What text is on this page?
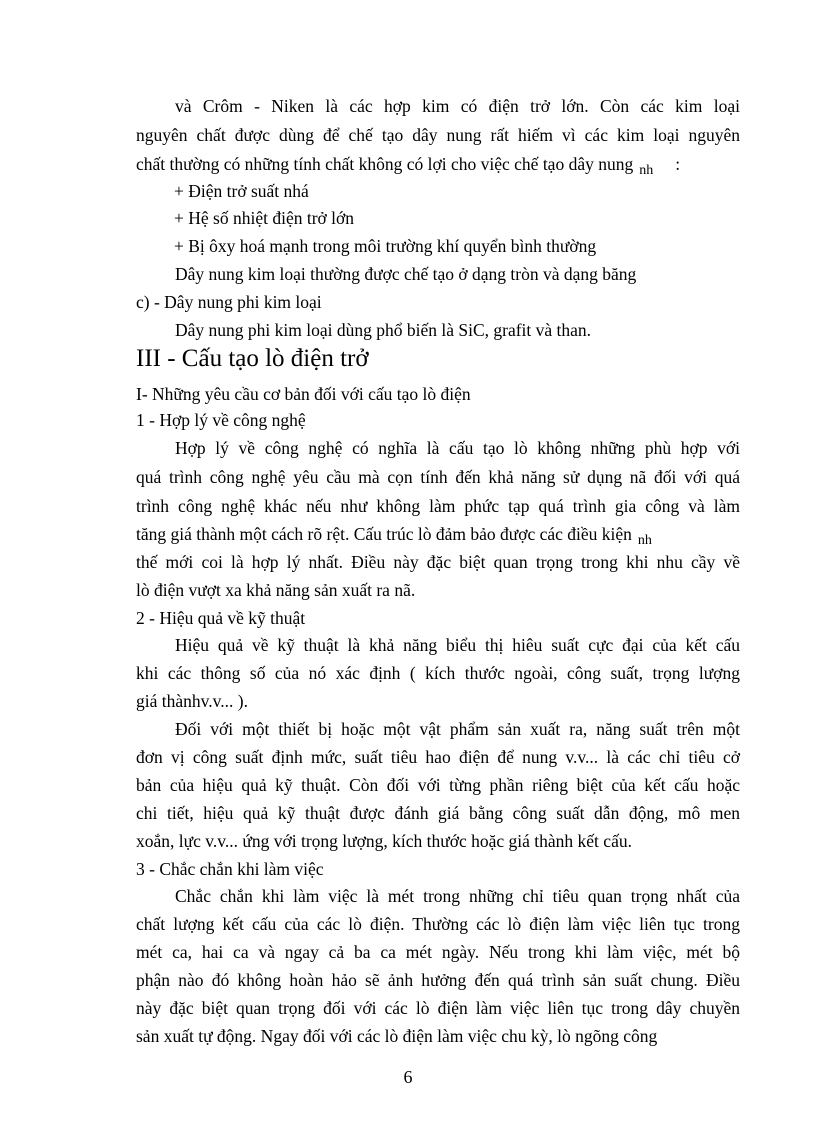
và Crôm - Niken là các hợp kim có điện trở lớn. Còn các kim loại
nguyên chất được dùng để chế tạo dây nung rất hiếm vì các kim loại nguyên
chất thường có những tính chất không có lợi cho việc chế tạo dây nung $_{nh}$ :
+ Điện trở suất nhá
+ Hệ số nhiệt điện trở lớn
+ Bị ôxy hoá mạnh trong môi trường khí quyển bình thường
Dây nung kim loại thường được chế tạo ở dạng tròn và dạng băng
c) - Dây nung phi kim loại
Dây nung phi kim loại dùng phổ biến là SiC, grafit và than.
III - Cấu tạo lò điện trở
I- Những yêu cầu cơ bản đối với cấu tạo lò điện
1 - Hợp lý về công nghệ
Hợp lý về công nghệ có nghĩa là cấu tạo lò không những phù hợp với
quá trình công nghệ yêu cầu mà cọn tính đến khả năng sử dụng nã đối với quá
trình công nghệ khác nếu như không làm phức tạp quá trình gia công và làm
tăng giá thành một cách rõ rệt. Cấu trúc lò đảm bảo được các điều kiện $_{nh}$
thế mới coi là hợp lý nhất. Điều này đặc biệt quan trọng trong khi nhu cầy về
lò điện vượt xa khả năng sản xuất ra nã.
2 - Hiệu quả về kỹ thuật
Hiệu quả về kỹ thuật là khả năng biểu thị hiêu suất cực đại của kết cấu
khi các thông số của nó xác định ( kích thước ngoài, công suất, trọng lượng
giá thànhv.v... ).
Đối với một thiết bị hoặc một vật phẩm sản xuất ra, năng suất trên một
đơn vị công suất định mức, suất tiêu hao điện để nung v.v... là các chỉ tiêu cở
bản của hiệu quả kỹ thuật. Còn đối với từng phần riêng biệt của kết cấu hoặc
chi tiết, hiệu quả kỹ thuật được đánh giá bằng công suất dẫn động, mô men
xoắn, lực v.v... ứng với trọng lượng, kích thước hoặc giá thành kết cấu.
3 - Chắc chắn khi làm việc
Chắc chắn khi làm việc là mét trong những chỉ tiêu quan trọng nhất của
chất lượng kết cấu của các lò điện. Thường các lò điện làm việc liên tục trong
mét ca, hai ca và ngay cả ba ca mét ngày. Nếu trong khi làm việc, mét bộ
phận nào đó không hoàn hảo sẽ ảnh hưởng đến quá trình sản suất chung. Điều
này đặc biệt quan trọng đối với các lò điện làm việc liên tục trong dây chuyền
sản xuất tự động. Ngay đối với các lò điện làm việc chu kỳ, lò ngõng công
6
